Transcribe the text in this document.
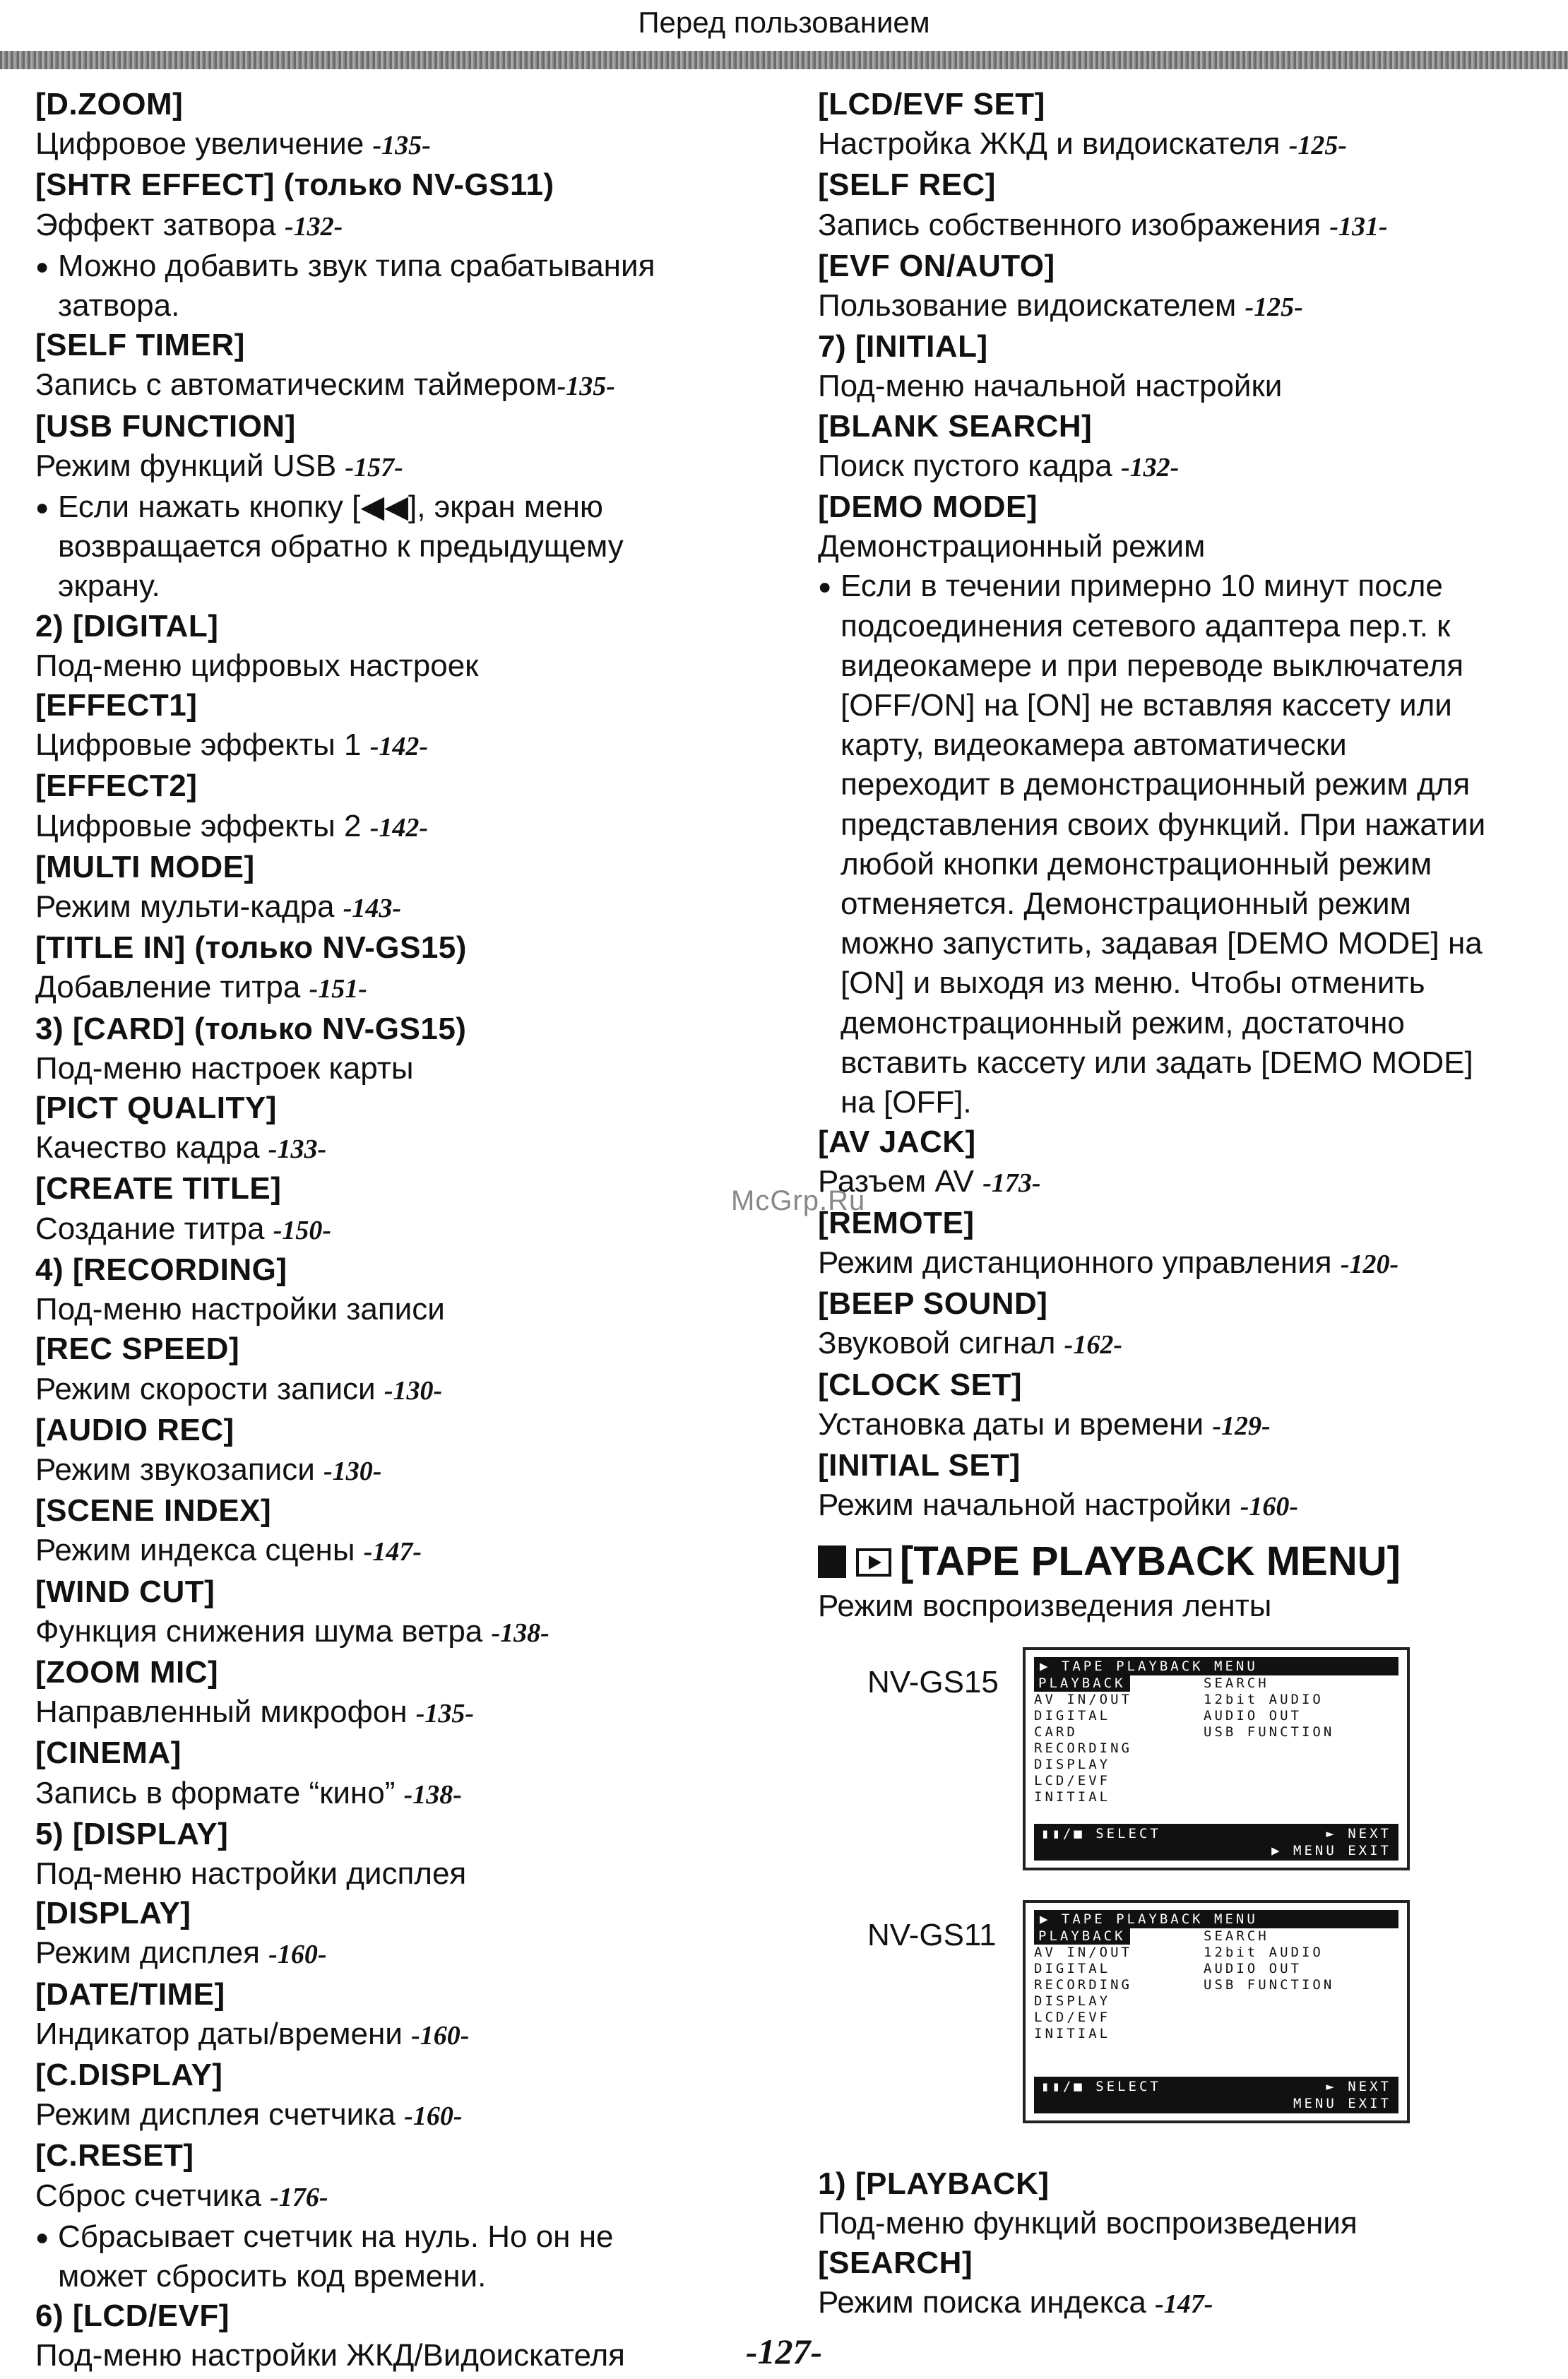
Перед пользованием
[D.ZOOM]
Цифровое увеличение -135-
[SHTR EFFECT] (только NV-GS11)
Эффект затвора -132-
● Можно добавить звук типа срабатывания
затвора.
[SELF TIMER]
Запись с автоматическим таймером-135-
[USB FUNCTION]
Режим функций USB -157-
● Если нажать кнопку [◀◀], экран меню
возвращается обратно к предыдущему
экрану.
2) [DIGITAL]
Под-меню цифровых настроек
[EFFECT1]
Цифровые эффекты 1 -142-
[EFFECT2]
Цифровые эффекты 2 -142-
[MULTI MODE]
Режим мульти-кадра -143-
[TITLE IN] (только NV-GS15)
Добавление титра -151-
3) [CARD] (только NV-GS15)
Под-меню настроек карты
[PICT QUALITY]
Качество кадра -133-
[CREATE TITLE]
Создание титра -150-
4) [RECORDING]
Под-меню настройки записи
[REC SPEED]
Режим скорости записи -130-
[AUDIO REC]
Режим звукозаписи -130-
[SCENE INDEX]
Режим индекса сцены -147-
[WIND CUT]
Функция снижения шума ветра -138-
[ZOOM MIC]
Направленный микрофон -135-
[CINEMA]
Запись в формате “кино” -138-
5) [DISPLAY]
Под-меню настройки дисплея
[DISPLAY]
Режим дисплея -160-
[DATE/TIME]
Индикатор даты/времени -160-
[C.DISPLAY]
Режим дисплея счетчика -160-
[C.RESET]
Сброс счетчика -176-
● Сбрасывает счетчик на нуль. Но он не
может сбросить код времени.
6) [LCD/EVF]
Под-меню настройки ЖКД/Видоискателя
[LCD/EVF SET]
Настройка ЖКД и видоискателя -125-
[SELF REC]
Запись собственного изображения -131-
[EVF ON/AUTO]
Пользование видоискателем -125-
7) [INITIAL]
Под-меню начальной настройки
[BLANK SEARCH]
Поиск пустого кадра -132-
[DEMO MODE]
Демонстрационный режим
● Если в течении примерно 10 минут после
подсоединения сетевого адаптера пер.т. к
видеокамере и при переводе выключателя
[OFF/ON] на [ON] не вставляя кассету или
карту, видеокамера автоматически
переходит в демонстрационный режим для
представления своих функций. При нажатии
любой кнопки демонстрационный режим
отменяется. Демонстрационный режим
можно запустить, задавая [DEMO MODE] на
[ON] и выходя из меню. Чтобы отменить
демонстрационный режим, достаточно
вставить кассету или задать [DEMO MODE]
на [OFF].
[AV JACK]
Разъем AV -173-
[REMOTE]
Режим дистанционного управления -120-
[BEEP SOUND]
Звуковой сигнал -162-
[CLOCK SET]
Установка даты и времени -129-
[INITIAL SET]
Режим начальной настройки -160-
[TAPE PLAYBACK MENU]
Режим воспроизведения ленты
NV-GS15	▶ TAPE PLAYBACK MENU
PLAYBACK
AV IN/OUT
DIGITAL
CARD
RECORDING
DISPLAY
LCD/EVF
INITIAL
SEARCH
12bit AUDIO
AUDIO OUT
USB FUNCTION
▮▮/■ SELECT	► NEXT
▶ MENU EXIT
NV-GS11	▶ TAPE PLAYBACK MENU
PLAYBACK
AV IN/OUT
DIGITAL
RECORDING
DISPLAY
LCD/EVF
INITIAL
SEARCH
12bit AUDIO
AUDIO OUT
USB FUNCTION
▮▮/■ SELECT	► NEXT
MENU EXIT
1) [PLAYBACK]
Под-меню функций воспроизведения
[SEARCH]
Режим поиска индекса -147-
McGrp.Ru
-127-
